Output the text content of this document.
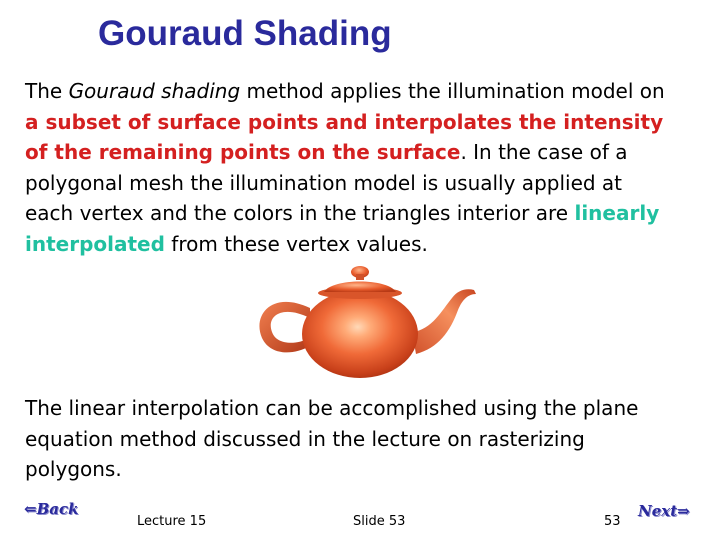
Gouraud Shading
The Gouraud shading method applies the illumination model on
a subset of surface points and interpolates the intensity
of the remaining points on the surface. In the case of a
polygonal mesh the illumination model is usually applied at
each vertex and the colors in the triangles interior are linearly
interpolated from these vertex values.
The linear interpolation can be accomplished using the plane
equation method discussed in the lecture on rasterizing
polygons.
⇐Back	Next⇒
Lecture 15	Slide 53	53
